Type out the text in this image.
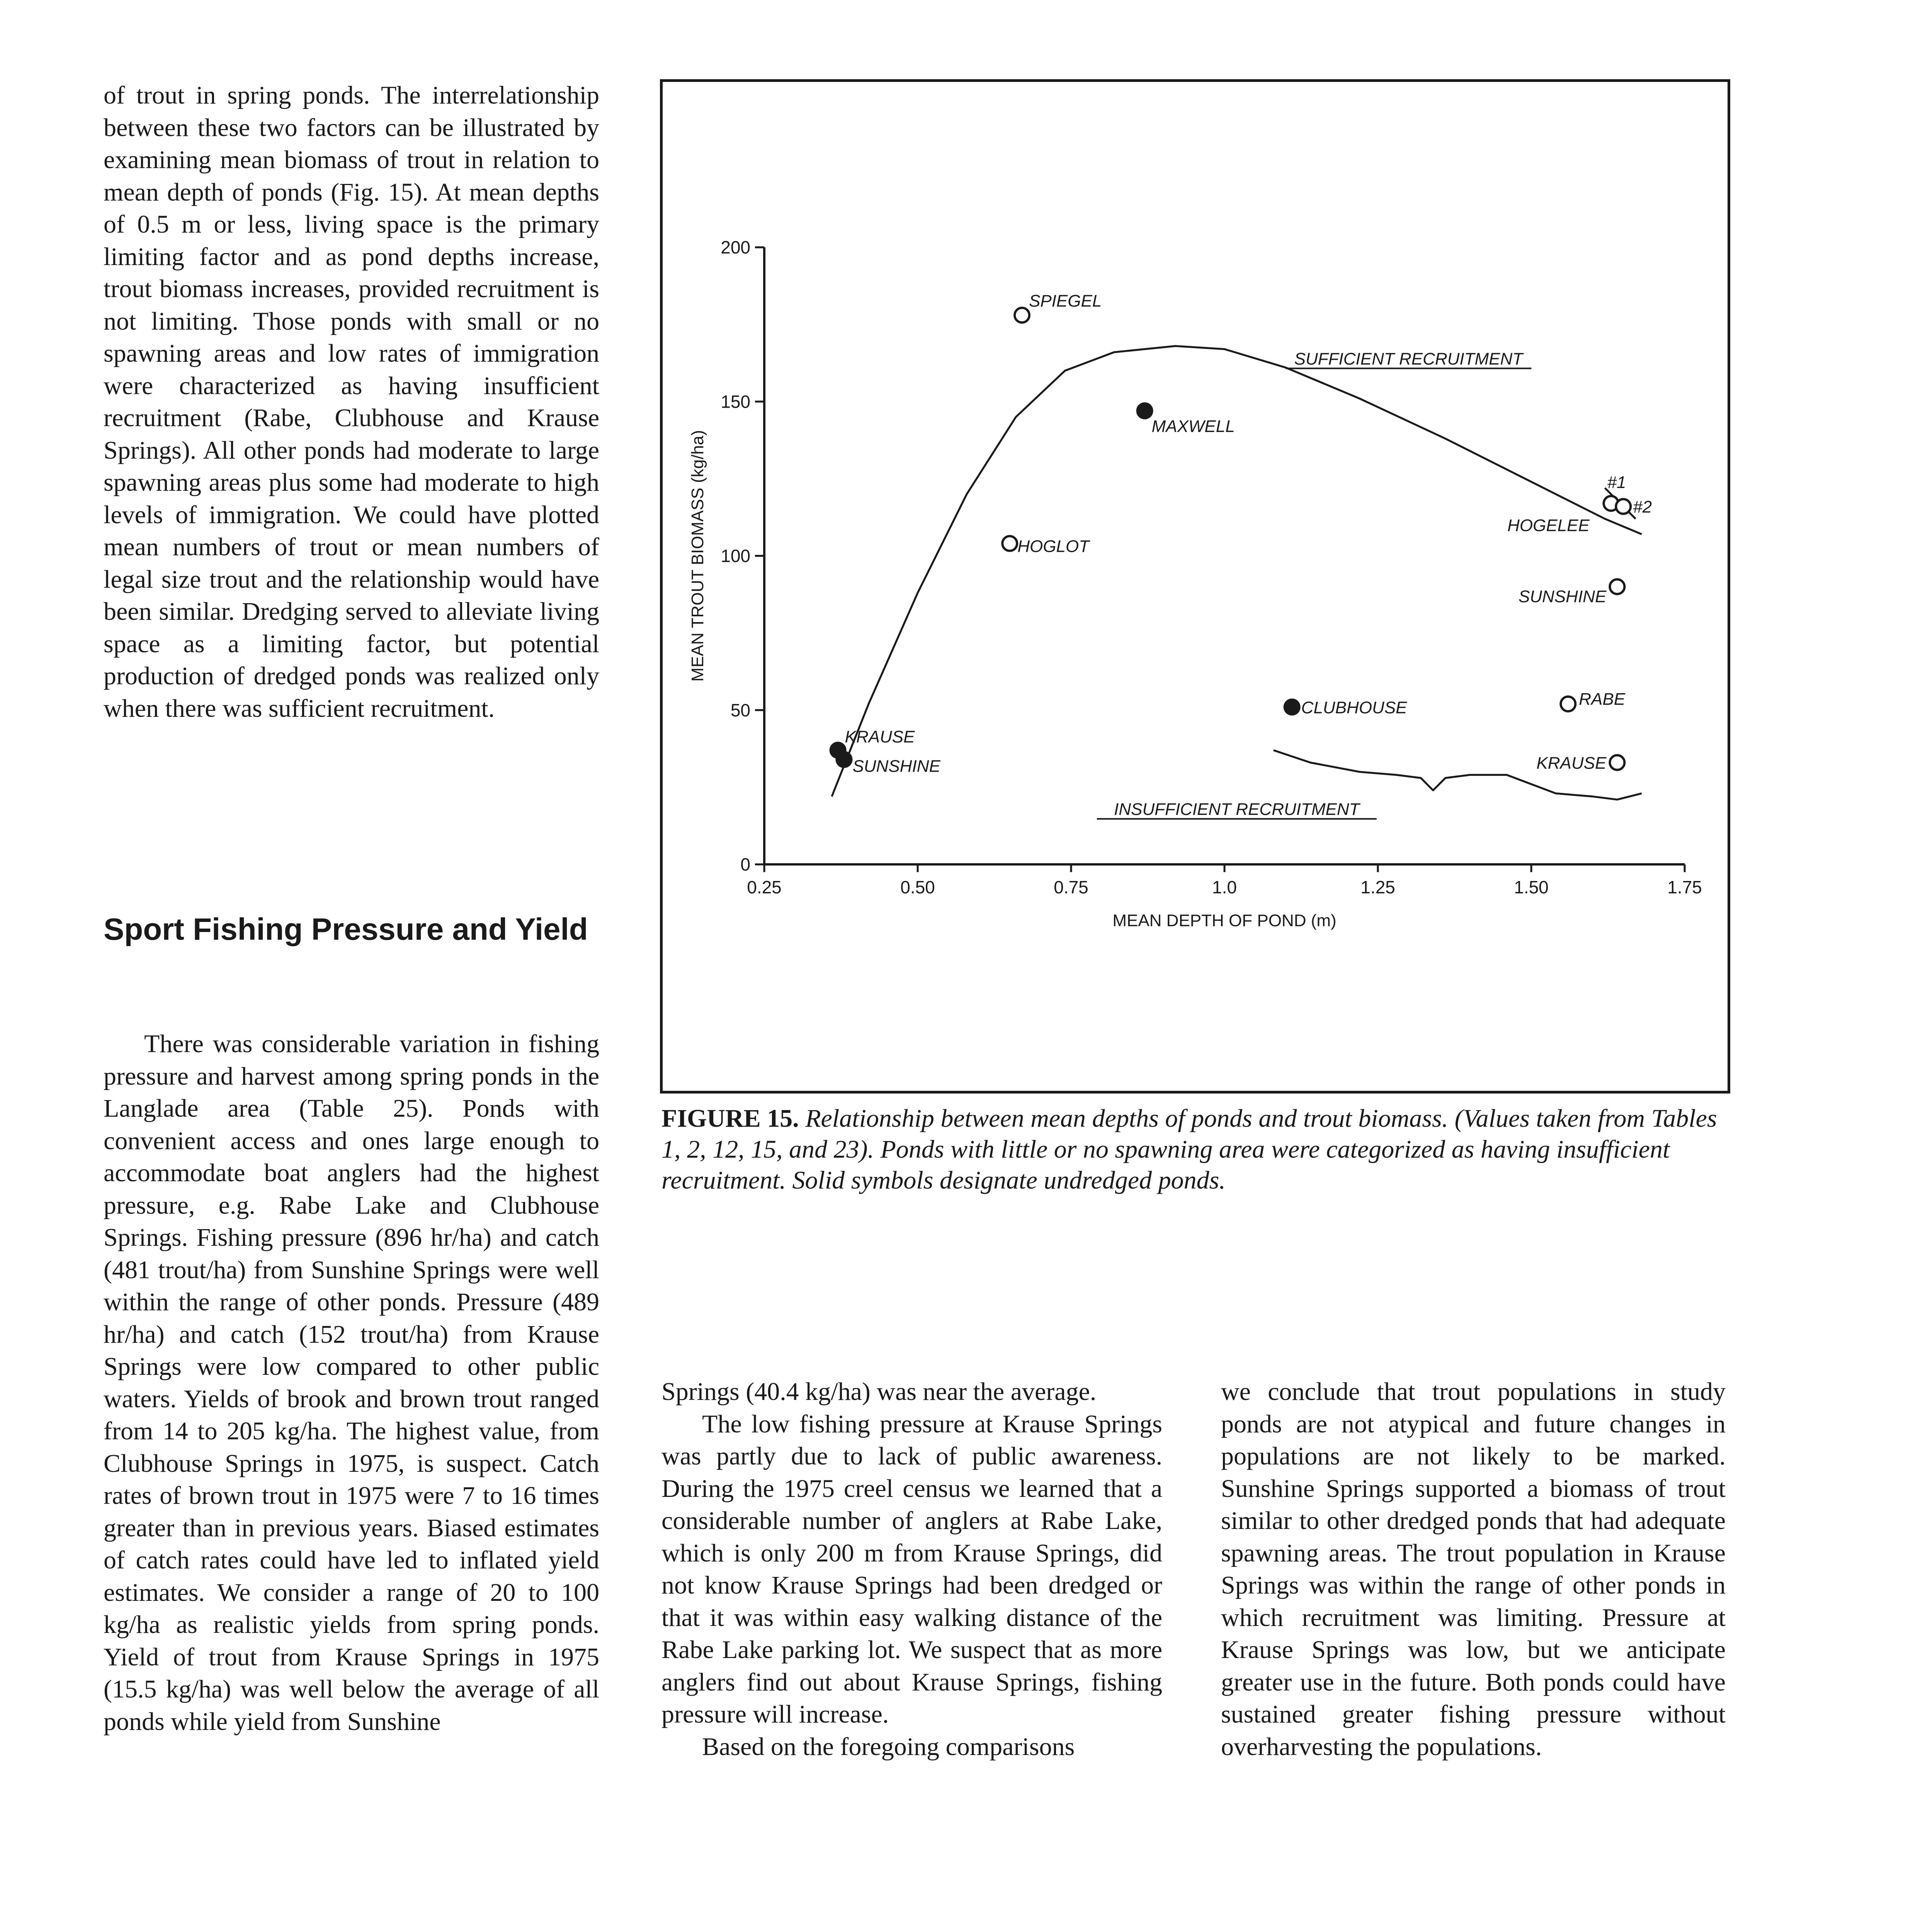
of trout in spring ponds. The interrelationship between these two factors can be illustrated by examining mean biomass of trout in relation to mean depth of ponds (Fig. 15). At mean depths of 0.5 m or less, living space is the primary limiting factor and as pond depths increase, trout biomass increases, provided recruitment is not limiting. Those ponds with small or no spawning areas and low rates of immigration were characterized as having insufficient recruitment (Rabe, Clubhouse and Krause Springs). All other ponds had moderate to large spawning areas plus some had moderate to high levels of immigration. We could have plotted mean numbers of trout or mean numbers of legal size trout and the relationship would have been similar. Dredging served to alleviate living space as a limiting factor, but potential production of dredged ponds was realized only when there was sufficient recruitment.

Sport Fishing Pressure and Yield

There was considerable variation in fishing pressure and harvest among spring ponds in the Langlade area (Table 25). Ponds with convenient access and ones large enough to accommodate boat anglers had the highest pressure, e.g. Rabe Lake and Clubhouse Springs. Fishing pressure (896 hr/ha) and catch (481 trout/ha) from Sunshine Springs were well within the range of other ponds. Pressure (489 hr/ha) and catch (152 trout/ha) from Krause Springs were low compared to other public waters. Yields of brook and brown trout ranged from 14 to 205 kg/ha. The highest value, from Clubhouse Springs in 1975, is suspect. Catch rates of brown trout in 1975 were 7 to 16 times greater than in previous years. Biased estimates of catch rates could have led to inflated yield estimates. We consider a range of 20 to 100 kg/ha as realistic yields from spring ponds. Yield of trout from Krause Springs in 1975 (15.5 kg/ha) was well below the average of all ponds while yield from Sunshine

0
50
100
150
200
0.25	0.50	0.75	1.0	1.25	1.50	1.75
MEAN DEPTH OF POND (m)
MEAN TROUT BIOMASS (kg/ha)
SPIEGEL
MAXWELL
HOGLOT
KRAUSE
SUNSHINE
CLUBHOUSE
#1
#2
SUNSHINE
RABE
KRAUSE
HOGELEE
SUFFICIENT RECRUITMENT
INSUFFICIENT RECRUITMENT
FIGURE 15. Relationship between mean depths of ponds and trout biomass. (Values taken from Tables 1, 2, 12, 15, and 23). Ponds with little or no spawning area were categorized as having insufficient recruitment. Solid symbols designate undredged ponds.

Springs (40.4 kg/ha) was near the average.

The low fishing pressure at Krause Springs was partly due to lack of public awareness. During the 1975 creel census we learned that a considerable number of anglers at Rabe Lake, which is only 200 m from Krause Springs, did not know Krause Springs had been dredged or that it was within easy walking distance of the Rabe Lake parking lot. We suspect that as more anglers find out about Krause Springs, fishing pressure will increase.

Based on the foregoing comparisons

we conclude that trout populations in study ponds are not atypical and future changes in populations are not likely to be marked. Sunshine Springs supported a biomass of trout similar to other dredged ponds that had adequate spawning areas. The trout population in Krause Springs was within the range of other ponds in which recruitment was limiting. Pressure at Krause Springs was low, but we anticipate greater use in the future. Both ponds could have sustained greater fishing pressure without overharvesting the populations.
